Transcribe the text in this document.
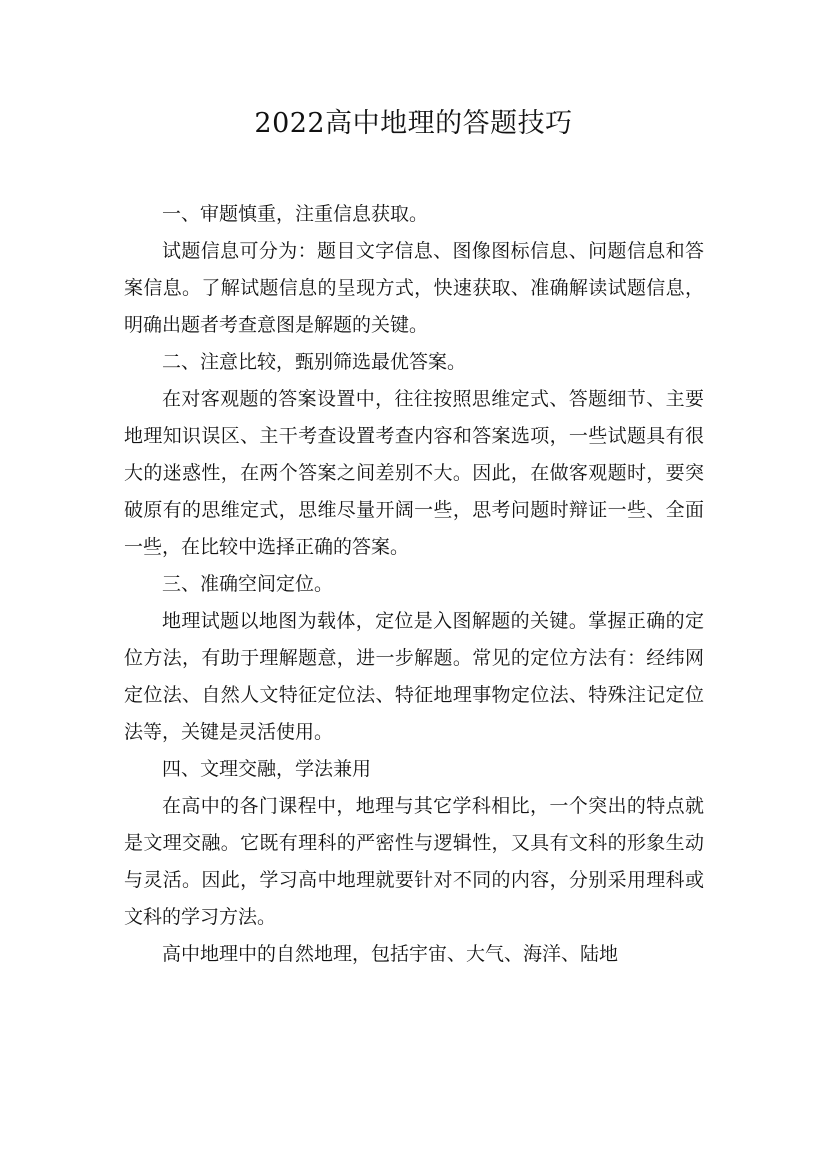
2022高中地理的答题技巧

一、审题慎重，注重信息获取。

试题信息可分为：题目文字信息、图像图标信息、问题信息和答案信息。了解试题信息的呈现方式，快速获取、准确解读试题信息，明确出题者考查意图是解题的关键。

二、注意比较，甄别筛选最优答案。

在对客观题的答案设置中，往往按照思维定式、答题细节、主要地理知识误区、主干考查设置考查内容和答案选项，一些试题具有很大的迷惑性，在两个答案之间差别不大。因此，在做客观题时，要突破原有的思维定式，思维尽量开阔一些，思考问题时辩证一些、全面一些，在比较中选择正确的答案。

三、准确空间定位。

地理试题以地图为载体，定位是入图解题的关键。掌握正确的定位方法，有助于理解题意，进一步解题。常见的定位方法有：经纬网定位法、自然人文特征定位法、特征地理事物定位法、特殊注记定位法等，关键是灵活使用。

四、文理交融，学法兼用

在高中的各门课程中，地理与其它学科相比，一个突出的特点就是文理交融。它既有理科的严密性与逻辑性，又具有文科的形象生动与灵活。因此，学习高中地理就要针对不同的内容，分别采用理科或文科的学习方法。

高中地理中的自然地理，包括宇宙、大气、海洋、陆地
